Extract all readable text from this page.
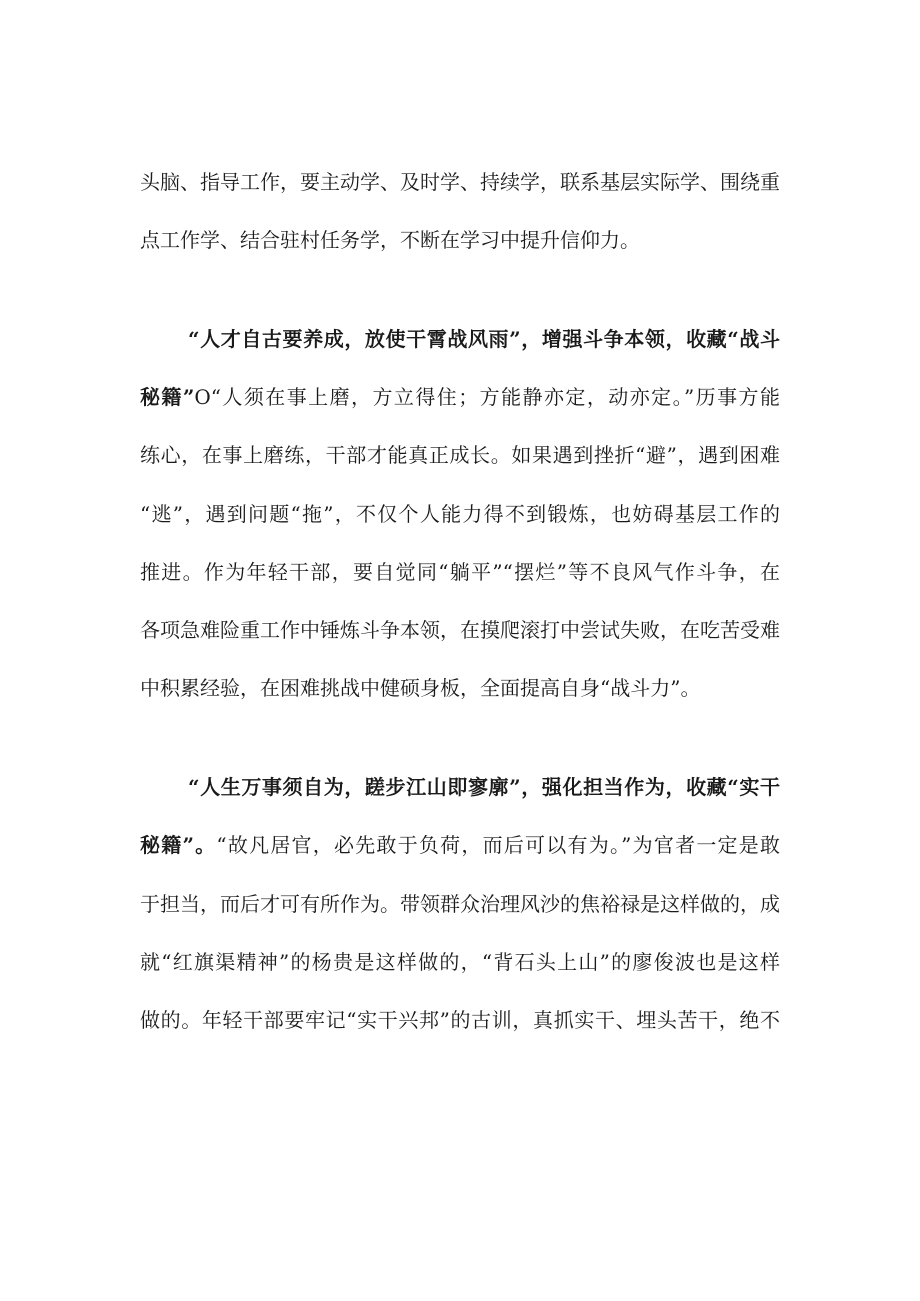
头脑、指导工作，要主动学、及时学、持续学，联系基层实际学、围绕重
点工作学、结合驻村任务学，不断在学习中提升信仰力。
“人才自古要养成，放使干霄战风雨”，增强斗争本领，收藏“战斗
秘籍”O“人须在事上磨，方立得住；方能静亦定，动亦定。”历事方能
练心，在事上磨练，干部才能真正成长。如果遇到挫折“避”，遇到困难
“逃”，遇到问题“拖”，不仅个人能力得不到锻炼，也妨碍基层工作的
推进。作为年轻干部，要自觉同“躺平”“摆烂”等不良风气作斗争，在
各项急难险重工作中锤炼斗争本领，在摸爬滚打中尝试失败，在吃苦受难
中积累经验，在困难挑战中健硕身板，全面提高自身“战斗力”。
“人生万事须自为，蹉步江山即寥廓”，强化担当作为，收藏“实干
秘籍”。“故凡居官，必先敢于负荷，而后可以有为。”为官者一定是敢
于担当，而后才可有所作为。带领群众治理风沙的焦裕禄是这样做的，成
就“红旗渠精神”的杨贵是这样做的，“背石头上山”的廖俊波也是这样
做的。年轻干部要牢记“实干兴邦”的古训，真抓实干、埋头苦干，绝不
